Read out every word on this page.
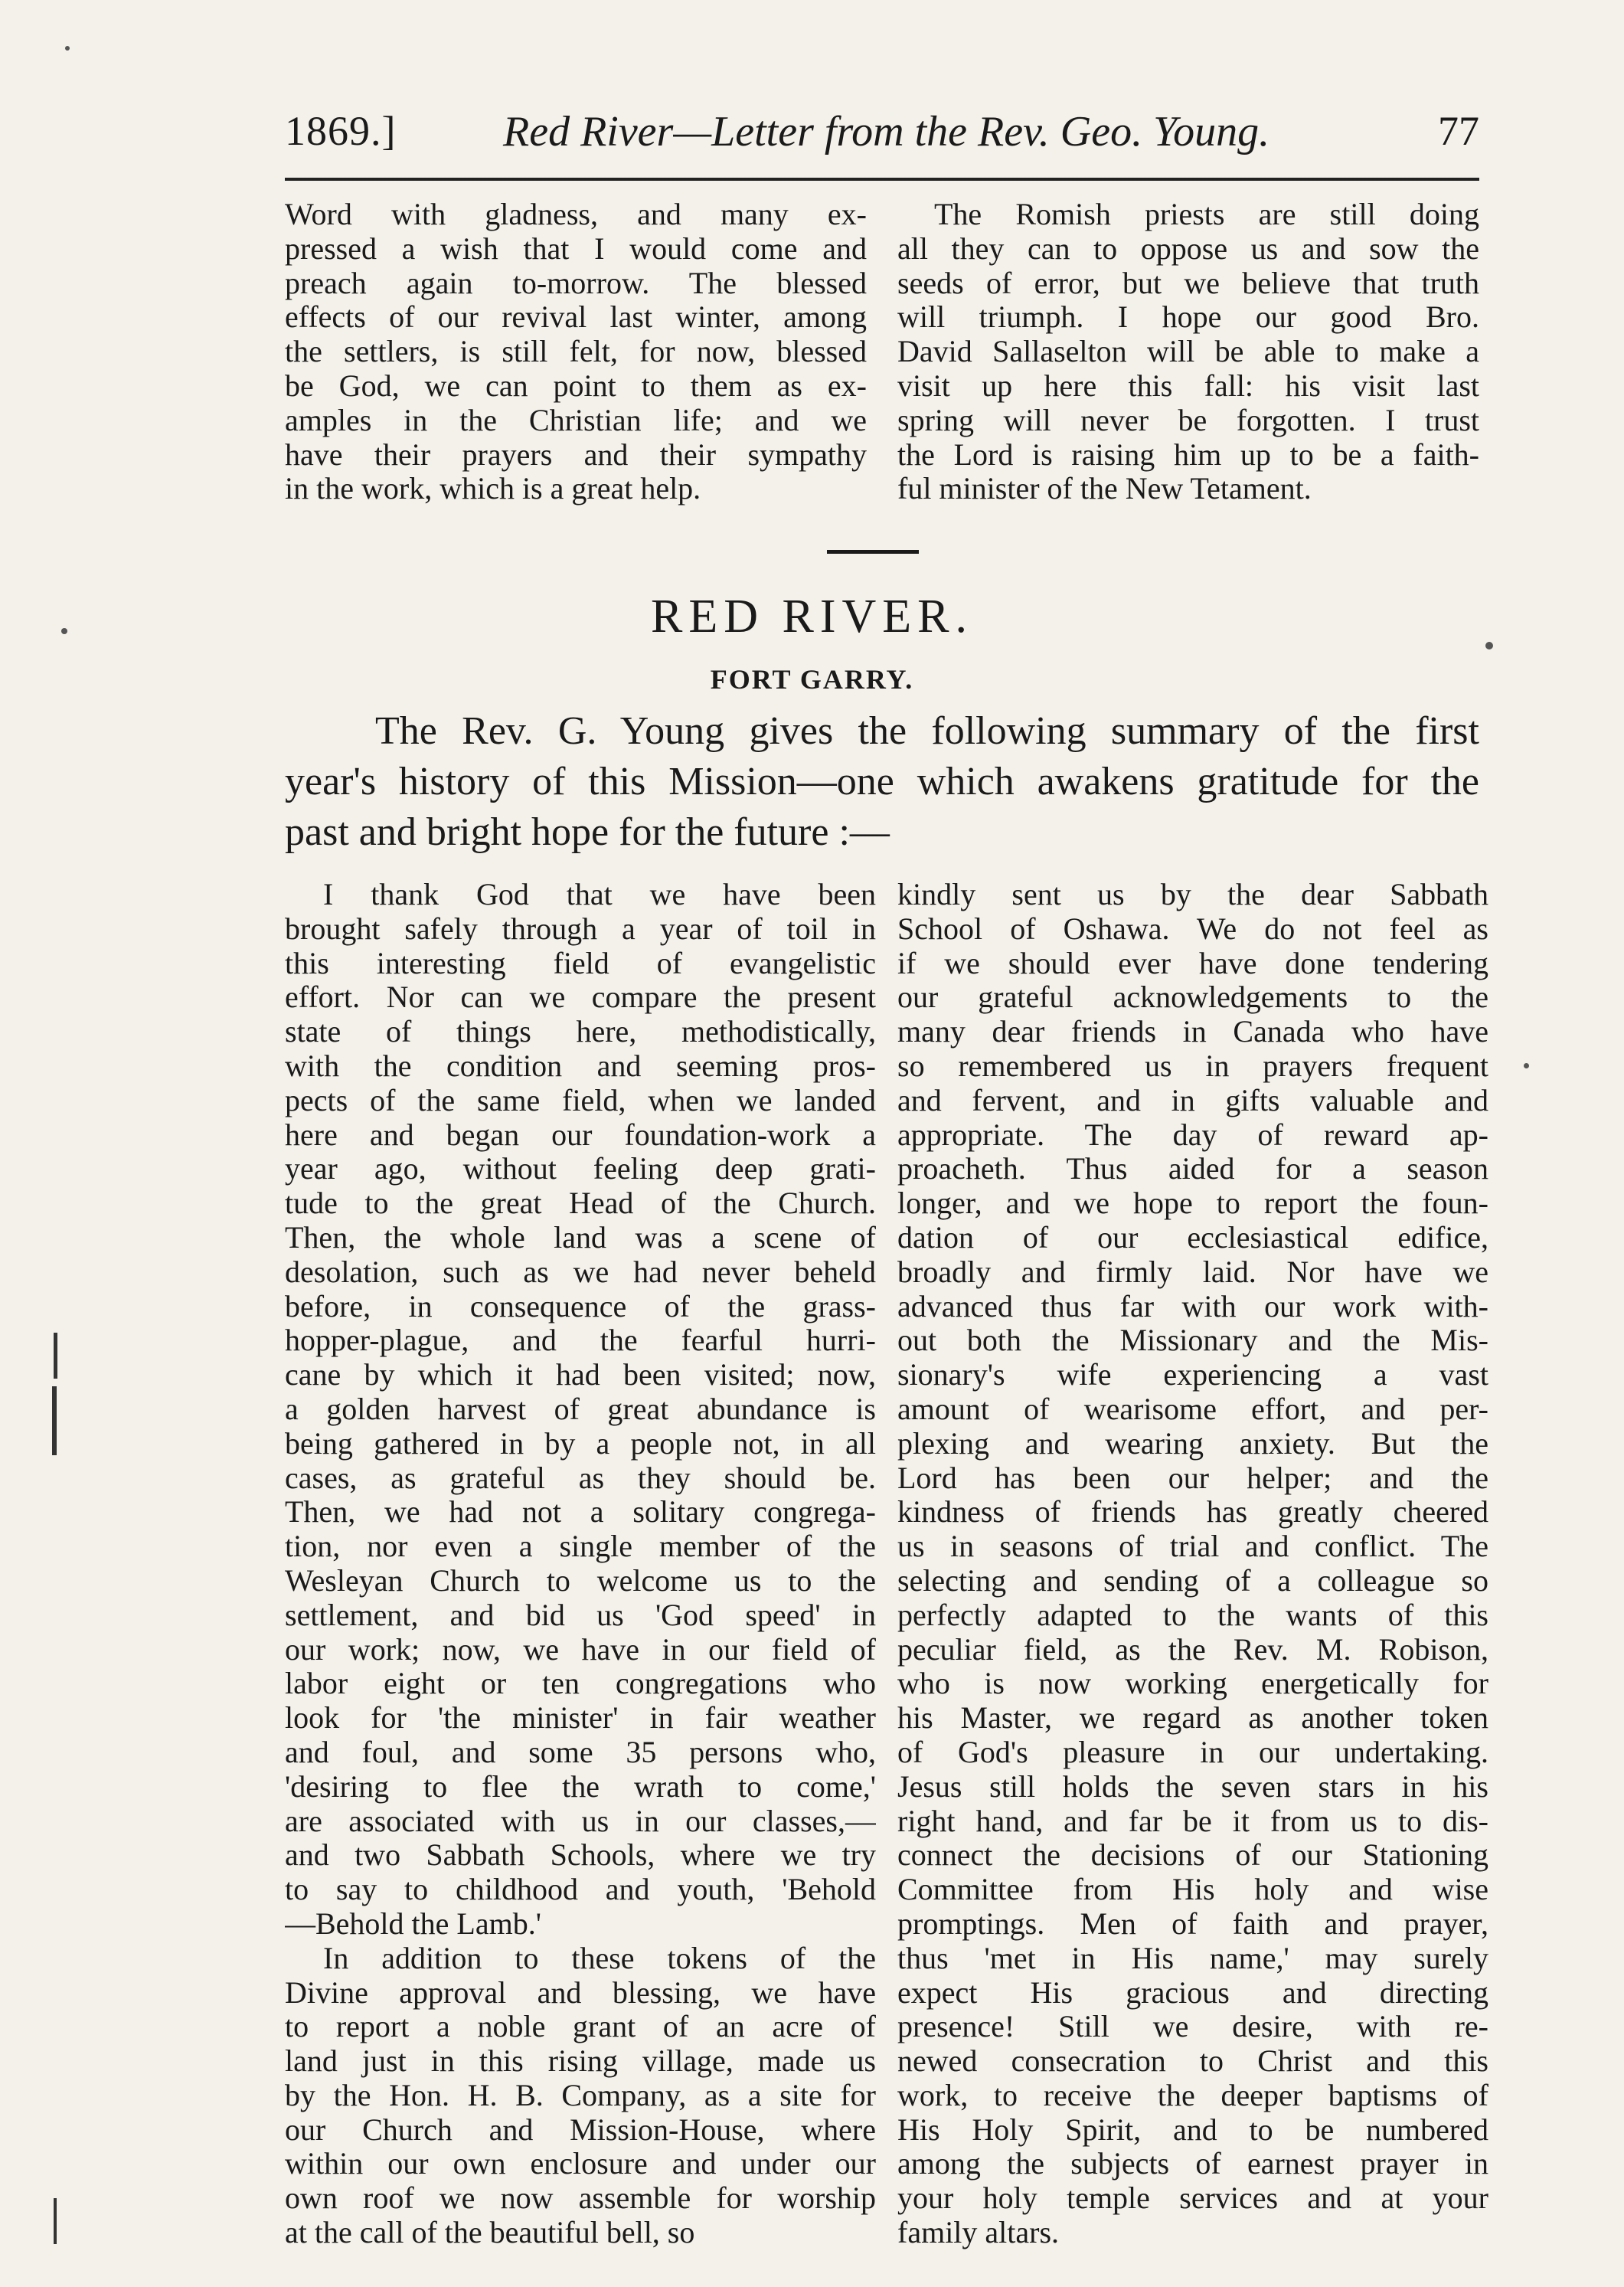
1869.] Red River—Letter from the Rev. Geo. Young.	77
Word with gladness, and many ex-
pressed a wish that I would come and
preach again to-morrow. The blessed
effects of our revival last winter, among
the settlers, is still felt, for now, blessed
be God, we can point to them as ex-
amples in the Christian life; and we
have their prayers and their sympathy
in the work, which is a great help.
The Romish priests are still doing
all they can to oppose us and sow the
seeds of error, but we believe that truth
will triumph. I hope our good Bro.
David Sallaselton will be able to make a
visit up here this fall: his visit last
spring will never be forgotten. I trust
the Lord is raising him up to be a faith-
ful minister of the New Tetament.
RED RIVER.
FORT GARRY.
The Rev. G. Young gives the following summary of the first
year's history of this Mission—one which awakens gratitude for the
past and bright hope for the future :—
I thank God that we have been
brought safely through a year of toil in
this interesting field of evangelistic
effort. Nor can we compare the present
state of things here, methodistically,
with the condition and seeming pros-
pects of the same field, when we landed
here and began our foundation-work a
year ago, without feeling deep grati-
tude to the great Head of the Church.
Then, the whole land was a scene of
desolation, such as we had never beheld
before, in consequence of the grass-
hopper-plague, and the fearful hurri-
cane by which it had been visited; now,
a golden harvest of great abundance is
being gathered in by a people not, in all
cases, as grateful as they should be.
Then, we had not a solitary congrega-
tion, nor even a single member of the
Wesleyan Church to welcome us to the
settlement, and bid us 'God speed' in
our work; now, we have in our field of
labor eight or ten congregations who
look for 'the minister' in fair weather
and foul, and some 35 persons who,
'desiring to flee the wrath to come,'
are associated with us in our classes,—
and two Sabbath Schools, where we try
to say to childhood and youth, 'Behold
—Behold the Lamb.'
In addition to these tokens of the
Divine approval and blessing, we have
to report a noble grant of an acre of
land just in this rising village, made us
by the Hon. H. B. Company, as a site for
our Church and Mission-House, where
within our own enclosure and under our
own roof we now assemble for worship
at the call of the beautiful bell, so
kindly sent us by the dear Sabbath
School of Oshawa. We do not feel as
if we should ever have done tendering
our grateful acknowledgements to the
many dear friends in Canada who have
so remembered us in prayers frequent
and fervent, and in gifts valuable and
appropriate. The day of reward ap-
proacheth. Thus aided for a season
longer, and we hope to report the foun-
dation of our ecclesiastical edifice,
broadly and firmly laid. Nor have we
advanced thus far with our work with-
out both the Missionary and the Mis-
sionary's wife experiencing a vast
amount of wearisome effort, and per-
plexing and wearing anxiety. But the
Lord has been our helper; and the
kindness of friends has greatly cheered
us in seasons of trial and conflict. The
selecting and sending of a colleague so
perfectly adapted to the wants of this
peculiar field, as the Rev. M. Robison,
who is now working energetically for
his Master, we regard as another token
of God's pleasure in our undertaking.
Jesus still holds the seven stars in his
right hand, and far be it from us to dis-
connect the decisions of our Stationing
Committee from His holy and wise
promptings. Men of faith and prayer,
thus 'met in His name,' may surely
expect His gracious and directing
presence! Still we desire, with re-
newed consecration to Christ and this
work, to receive the deeper baptisms of
His Holy Spirit, and to be numbered
among the subjects of earnest prayer in
your holy temple services and at your
family altars.
